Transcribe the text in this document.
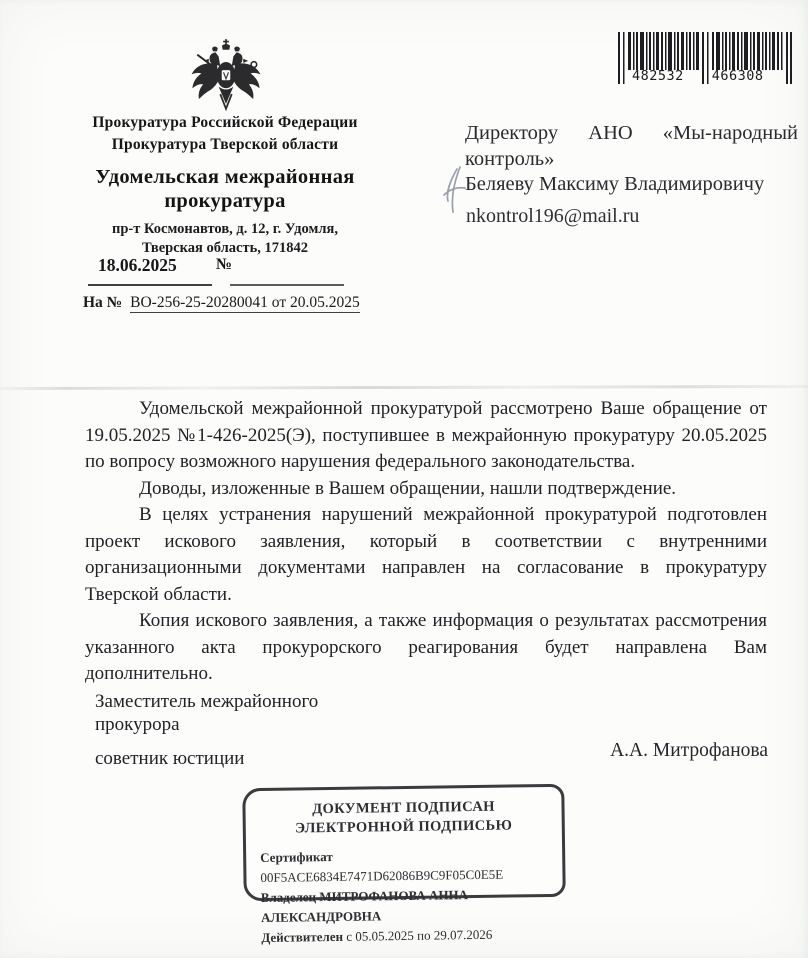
Прокуратура Российской Федерации
Прокуратура Тверской области
Удомельская межрайонная прокуратура
пр-т Космонавтов, д. 12, г. Удомля,
Тверская область, 171842
18.06.2025 №
На № ВО-256-25-20280041 от 20.05.2025
482532 466308
Директору АНО «Мы-народный контроль»
Беляеву Максиму Владимировичу
nkontrol196@mail.ru

Удомельской межрайонной прокуратурой рассмотрено Ваше обращение от 19.05.2025 №1-426-2025(Э), поступившее в межрайонную прокуратуру 20.05.2025 по вопросу возможного нарушения федерального законодательства.

Доводы, изложенные в Вашем обращении, нашли подтверждение.

В целях устранения нарушений межрайонной прокуратурой подготовлен проект искового заявления, который в соответствии с внутренними организационными документами направлен на согласование в прокуратуру Тверской области.

Копия искового заявления, а также информация о результатах рассмотрения указанного акта прокурорского реагирования будет направлена Вам дополнительно.

Заместитель межрайонного прокурора
советник юстиции	А.А. Митрофанова
ДОКУМЕНТ ПОДПИСАН
ЭЛЕКТРОННОЙ ПОДПИСЬЮ
Сертификат 00F5ACE6834E7471D62086B9C9F05C0E5E
Владелец МИТРОФАНОВА АННА АЛЕКСАНДРОВНА
Действителен с 05.05.2025 по 29.07.2026
